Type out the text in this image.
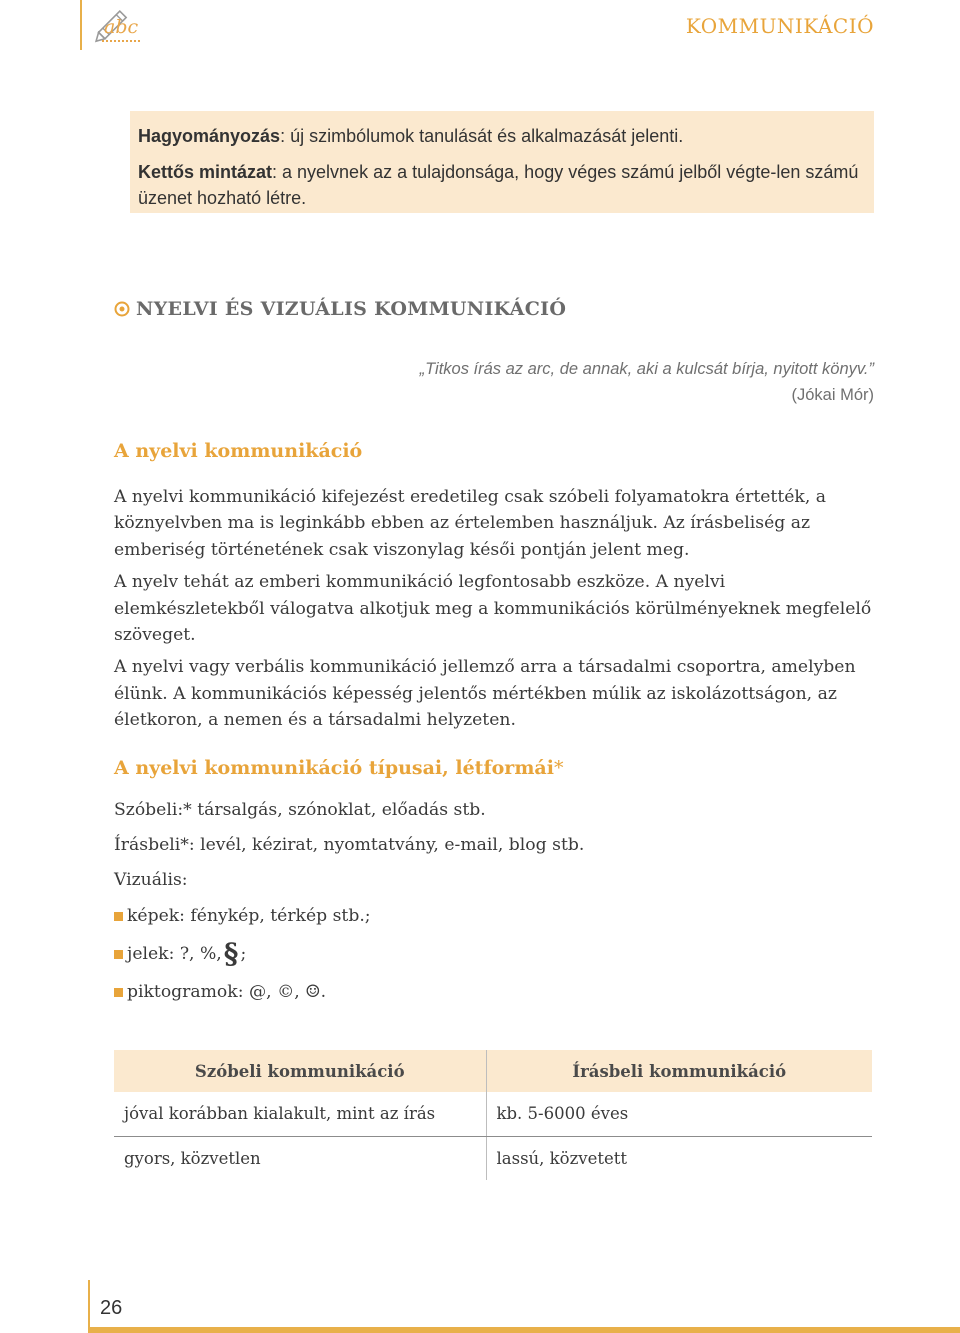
abc	KOMMUNIKÁCIÓ

Hagyományozás: új szimbólumok tanulását és alkalmazását jelenti.

Kettős mintázat: a nyelvnek az a tulajdonsága, hogy véges számú jelből végte-len számú üzenet hozható létre.

NYELVI ÉS VIZUÁLIS KOMMUNIKÁCIÓ
„Titkos írás az arc, de annak, aki a kulcsát bírja, nyitott könyv.”
(Jókai Mór)
A nyelvi kommunikáció

A nyelvi kommunikáció kifejezést eredetileg csak szóbeli folyamatokra értették, a köznyelvben ma is leginkább ebben az értelemben használjuk. Az írásbeliség az emberiség történetének csak viszonylag késői pontján jelent meg.

A nyelv tehát az emberi kommunikáció legfontosabb eszköze. A nyelvi elemkészletekből válogatva alkotjuk meg a kommunikációs körülményeknek megfelelő szöveget.

A nyelvi vagy verbális kommunikáció jellemző arra a társadalmi csoportra, amelyben élünk. A kommunikációs képesség jelentős mértékben múlik az iskolázottságon, az életkoron, a nemen és a társadalmi helyzeten.

A nyelvi kommunikáció típusai, létformái*
Szóbeli:* társalgás, szónoklat, előadás stb.
Írásbeli*: levél, kézirat, nyomtatvány, e-mail, blog stb.
Vizuális:
képek: fénykép, térkép stb.;
jelek: ?, %, § ;
piktogramok: @, ©, ☺.
Szóbeli kommunikáció	Írásbeli kommunikáció
jóval korábban kialakult, mint az írás	kb. 5-6000 éves
gyors, közvetlen	lassú, közvetett
26
